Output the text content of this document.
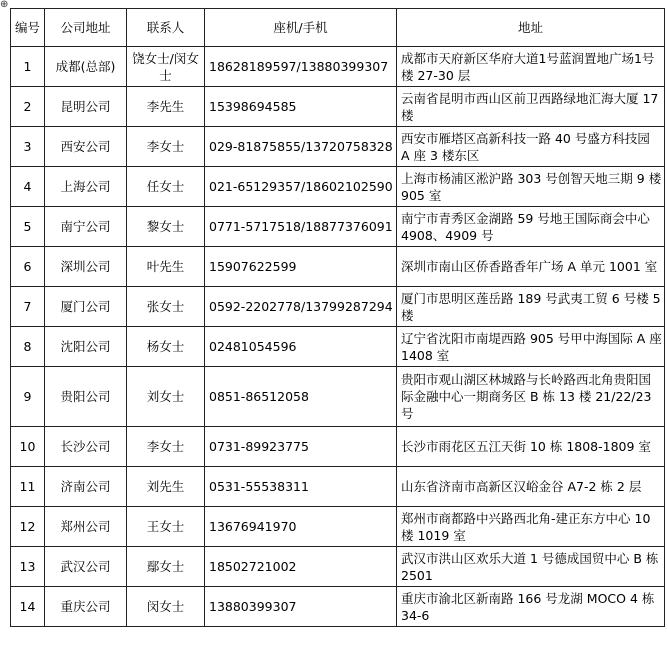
⊕
编号	公司地址	联系人	座机/手机	地址
1	成都(总部)	饶女士/闵女士	18628189597/13880399307	成都市天府新区华府大道1号蓝润置地广场1号楼 27-30 层
2	昆明公司	李先生	15398694585	云南省昆明市西山区前卫西路绿地汇海大厦 17 楼
3	西安公司	李女士	029-81875855/13720758328	西安市雁塔区高新科技一路 40 号盛方科技园 A 座 3 楼东区
4	上海公司	任女士	021-65129357/18602102590	上海市杨浦区淞沪路 303 号创智天地三期 9 楼 905 室
5	南宁公司	黎女士	0771-5717518/18877376091	南宁市青秀区金湖路 59 号地王国际商会中心 4908、4909 号
6	深圳公司	叶先生	15907622599	深圳市南山区侨香路香年广场 A 单元 1001 室
7	厦门公司	张女士	0592-2202778/13799287294	厦门市思明区莲岳路 189 号武夷工贸 6 号楼 5 楼
8	沈阳公司	杨女士	02481054596	辽宁省沈阳市南堤西路 905 号甲中海国际 A 座 1408 室
9	贵阳公司	刘女士	0851-86512058	贵阳市观山湖区林城路与长岭路西北角贵阳国际金融中心一期商务区 B 栋 13 楼 21/22/23 号
10	长沙公司	李女士	0731-89923775	长沙市雨花区五江天街 10 栋 1808-1809 室
11	济南公司	刘先生	0531-55538311	山东省济南市高新区汉峪金谷 A7-2 栋 2 层
12	郑州公司	王女士	13676941970	郑州市商都路中兴路西北角-建正东方中心 10 楼 1019 室
13	武汉公司	鄢女士	18502721002	武汉市洪山区欢乐大道 1 号德成国贸中心 B 栋 2501
14	重庆公司	闵女士	13880399307	重庆市渝北区新南路 166 号龙湖 MOCO 4 栋 34-6
